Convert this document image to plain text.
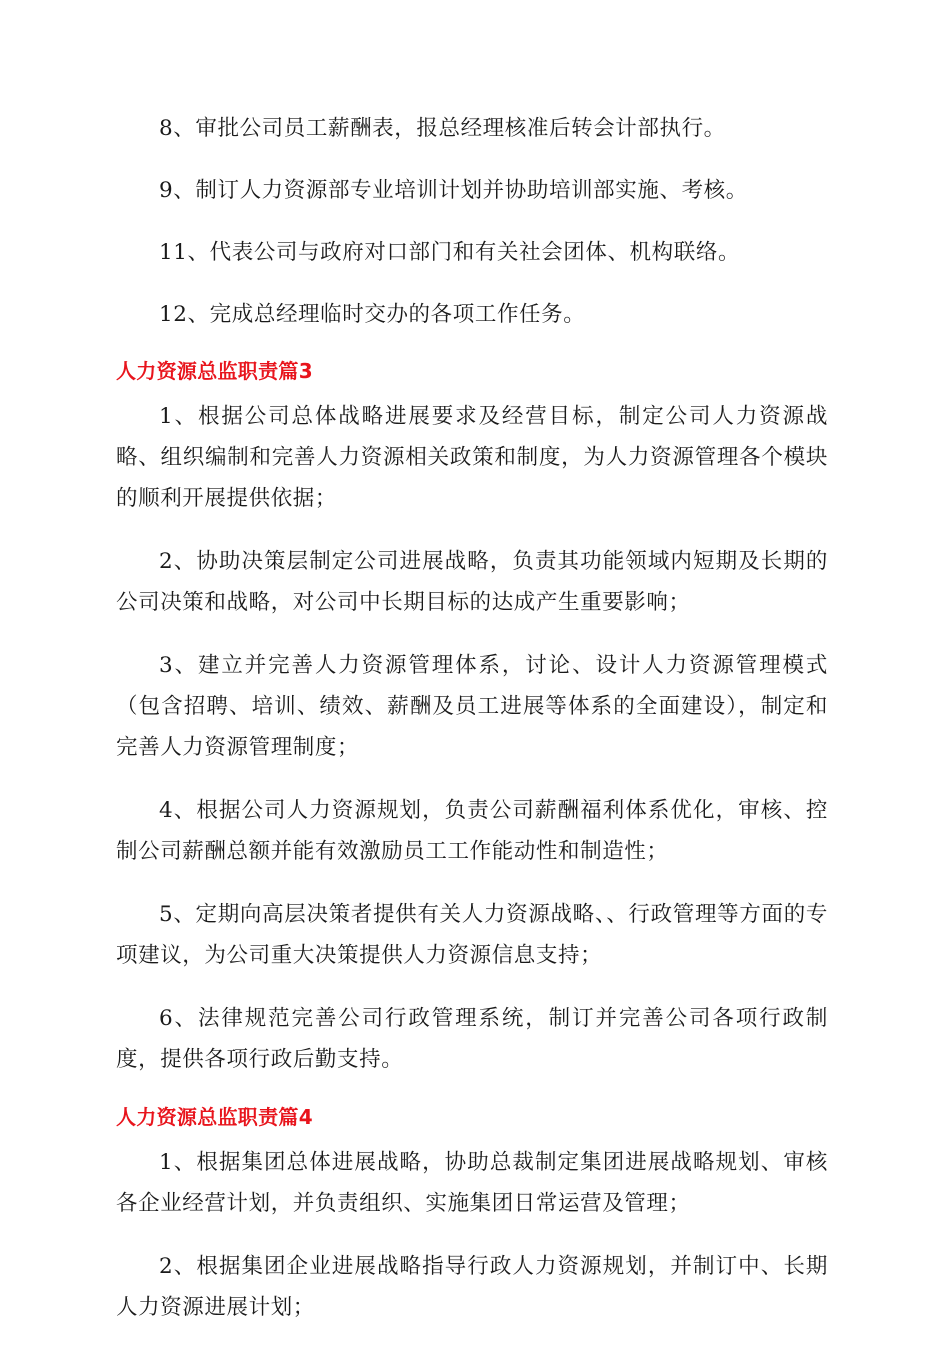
8、审批公司员工薪酬表，报总经理核准后转会计部执行。

9、制订人力资源部专业培训计划并协助培训部实施、考核。

11、代表公司与政府对口部门和有关社会团体、机构联络。

12、完成总经理临时交办的各项工作任务。

人力资源总监职责篇3

1、根据公司总体战略进展要求及经营目标，制定公司人力资源战略、组织编制和完善人力资源相关政策和制度，为人力资源管理各个模块的顺利开展提供依据；

2、协助决策层制定公司进展战略，负责其功能领域内短期及长期的公司决策和战略，对公司中长期目标的达成产生重要影响；

3、建立并完善人力资源管理体系，讨论、设计人力资源管理模式（包含招聘、培训、绩效、薪酬及员工进展等体系的全面建设），制定和完善人力资源管理制度；

4、根据公司人力资源规划，负责公司薪酬福利体系优化，审核、控制公司薪酬总额并能有效激励员工工作能动性和制造性；

5、定期向高层决策者提供有关人力资源战略、、行政管理等方面的专项建议，为公司重大决策提供人力资源信息支持；

6、法律规范完善公司行政管理系统，制订并完善公司各项行政制度，提供各项行政后勤支持。

人力资源总监职责篇4

1、根据集团总体进展战略，协助总裁制定集团进展战略规划、审核各企业经营计划，并负责组织、实施集团日常运营及管理；

2、根据集团企业进展战略指导行政人力资源规划，并制订中、长期人力资源进展计划；
